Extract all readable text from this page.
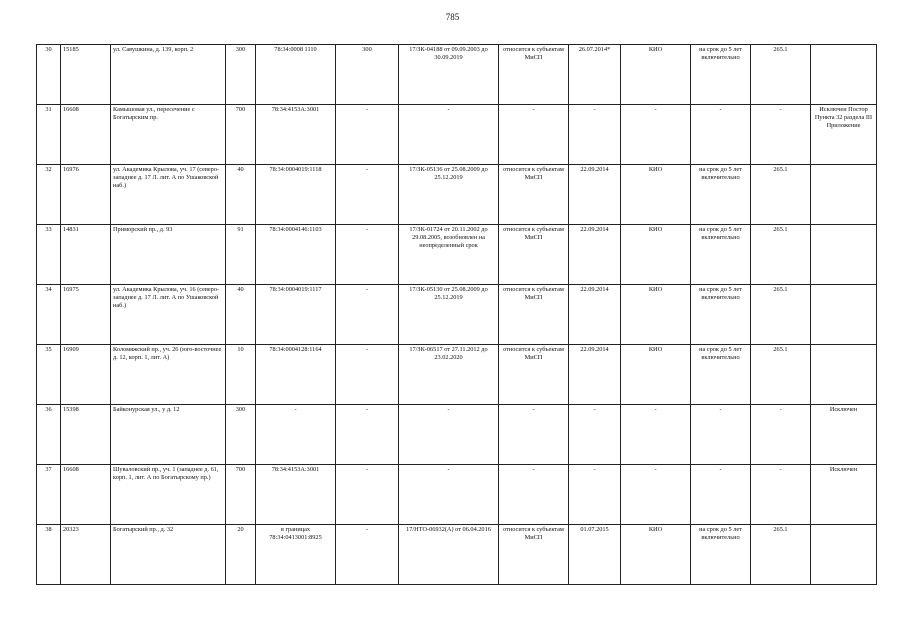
785
30	15185	ул. Савушкина, д. 139, корп. 2	300	78:34:0008 1110	300	17/ЗК-04188 от 09.09.2003 до 30.09.2019	относится к субъектам МиСП	26.07.2014*	КИО	на срок до 5 лет включительно	265.1	
31	16608	Камышовая ул., пересечение с Богатырским пр.	700	78:34:4153А:3001	-	-	-	-	-	-	-	Исключен Постор Пункта 32 раздела III Приложение
32	16976	ул. Академика Крылова, уч. 17 (северо-западнее д. 17 Л. лит. А по Ушаковской наб.)	40	78:34:0004019:1118	-	17/ЗК-05136 от 25.08.2009 до 25.12.2019	относится к субъектам МиСП	22.09.2014	КИО	на срок до 5 лет включительно	265.1	
33	14831	Приморский пр., д. 93	91	78:34:0004146:1103	-	17/ЗК-01724 от 20.11.2002 до 29.08.2005, возобновлен на неопределенный срок	относится к субъектам МиСП	22.09.2014	КИО	на срок до 5 лет включительно	265.1	
34	16975	ул. Академика Крылова, уч. 16 (северо-западнее д. 17 Л. лит. А по Ушаковской наб.)	40	78:34:0004019:1117	-	17/ЗК-05130 от 25.08.2009 до 25.12.2019	относится к субъектам МиСП	22.09.2014	КИО	на срок до 5 лет включительно	265.1	
35	16909	Коломяжский пр., уч. 26 (юго-восточнее д. 12, корп. 1, лит. А)	10	78:34:0004128:1164	-	17/ЗК-06517 от 27.11.2012 до 23.02.2020	относится к субъектам МиСП	22.09.2014	КИО	на срок до 5 лет включительно	265.1	
36	15398	Байконурская ул., у д. 12	300	-	-	-	-	-	-	-	-	Исключен
37	16608	Шуваловский пр., уч. 1 (западнее д. 61, корп. 1, лит. А по Богатырскому пр.)	700	78:34:4153А:3001	-	-	-	-	-	-	-	Исключен
38	20323	Богатырский пр., д. 32	20	в границах 78:34:0413001:8925	-	17/НТО-06932(А) от 06.04.2016	относится к субъектам МиСП	01.07.2015	КИО	на срок до 5 лет включительно	265.1	
